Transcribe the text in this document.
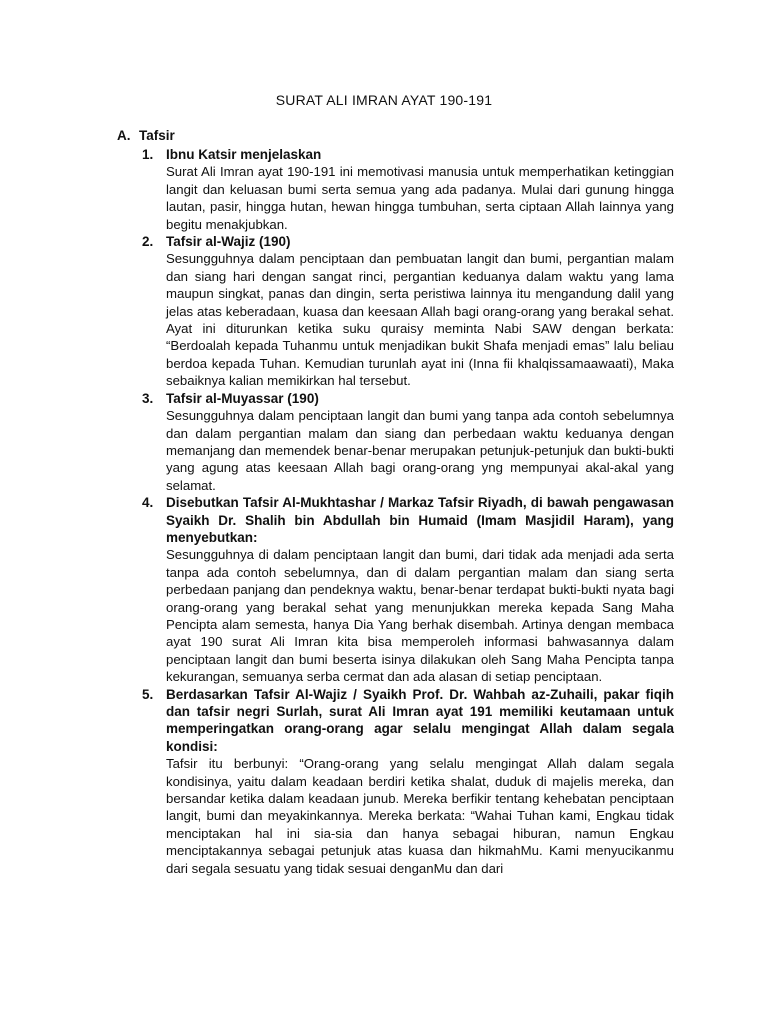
SURAT ALI IMRAN AYAT 190-191
A. Tafsir
1. Ibnu Katsir menjelaskan
Surat Ali Imran ayat 190-191 ini memotivasi manusia untuk memperhatikan ketinggian langit dan keluasan bumi serta semua yang ada padanya. Mulai dari gunung hingga lautan, pasir, hingga hutan, hewan hingga tumbuhan, serta ciptaan Allah lainnya yang begitu menakjubkan.
2. Tafsir al-Wajiz (190)
Sesungguhnya dalam penciptaan dan pembuatan langit dan bumi, pergantian malam dan siang hari dengan sangat rinci, pergantian keduanya dalam waktu yang lama maupun singkat, panas dan dingin, serta peristiwa lainnya itu mengandung dalil yang jelas atas keberadaan, kuasa dan keesaan Allah bagi orang-orang yang berakal sehat. Ayat ini diturunkan ketika suku quraisy meminta Nabi SAW dengan berkata: “Berdoalah kepada Tuhanmu untuk menjadikan bukit Shafa menjadi emas” lalu beliau berdoa kepada Tuhan. Kemudian turunlah ayat ini (Inna fii khalqissamaawaati), Maka sebaiknya kalian memikirkan hal tersebut.
3. Tafsir al-Muyassar (190)
Sesungguhnya dalam penciptaan langit dan bumi yang tanpa ada contoh sebelumnya dan dalam pergantian malam dan siang dan perbedaan waktu keduanya dengan memanjang dan memendek benar-benar merupakan petunjuk-petunjuk dan bukti-bukti yang agung atas keesaan Allah bagi orang-orang yng mempunyai akal-akal yang selamat.
4. Disebutkan Tafsir Al-Mukhtashar / Markaz Tafsir Riyadh, di bawah pengawasan Syaikh Dr. Shalih bin Abdullah bin Humaid (Imam Masjidil Haram), yang menyebutkan:
Sesungguhnya di dalam penciptaan langit dan bumi, dari tidak ada menjadi ada serta tanpa ada contoh sebelumnya, dan di dalam pergantian malam dan siang serta perbedaan panjang dan pendeknya waktu, benar-benar terdapat bukti-bukti nyata bagi orang-orang yang berakal sehat yang menunjukkan mereka kepada Sang Maha Pencipta alam semesta, hanya Dia Yang berhak disembah. Artinya dengan membaca ayat 190 surat Ali Imran kita bisa memperoleh informasi bahwasannya dalam penciptaan langit dan bumi beserta isinya dilakukan oleh Sang Maha Pencipta tanpa kekurangan, semuanya serba cermat dan ada alasan di setiap penciptaan.
5. Berdasarkan Tafsir Al-Wajiz / Syaikh Prof. Dr. Wahbah az-Zuhaili, pakar fiqih dan tafsir negri Surlah, surat Ali Imran ayat 191 memiliki keutamaan untuk memperingatkan orang-orang agar selalu mengingat Allah dalam segala kondisi:
Tafsir itu berbunyi: “Orang-orang yang selalu mengingat Allah dalam segala kondisinya, yaitu dalam keadaan berdiri ketika shalat, duduk di majelis mereka, dan bersandar ketika dalam keadaan junub. Mereka berfikir tentang kehebatan penciptaan langit, bumi dan meyakinkannya. Mereka berkata: “Wahai Tuhan kami, Engkau tidak menciptakan hal ini sia-sia dan hanya sebagai hiburan, namun Engkau menciptakannya sebagai petunjuk atas kuasa dan hikmahMu. Kami menyucikanmu dari segala sesuatu yang tidak sesuai denganMu dan dari
